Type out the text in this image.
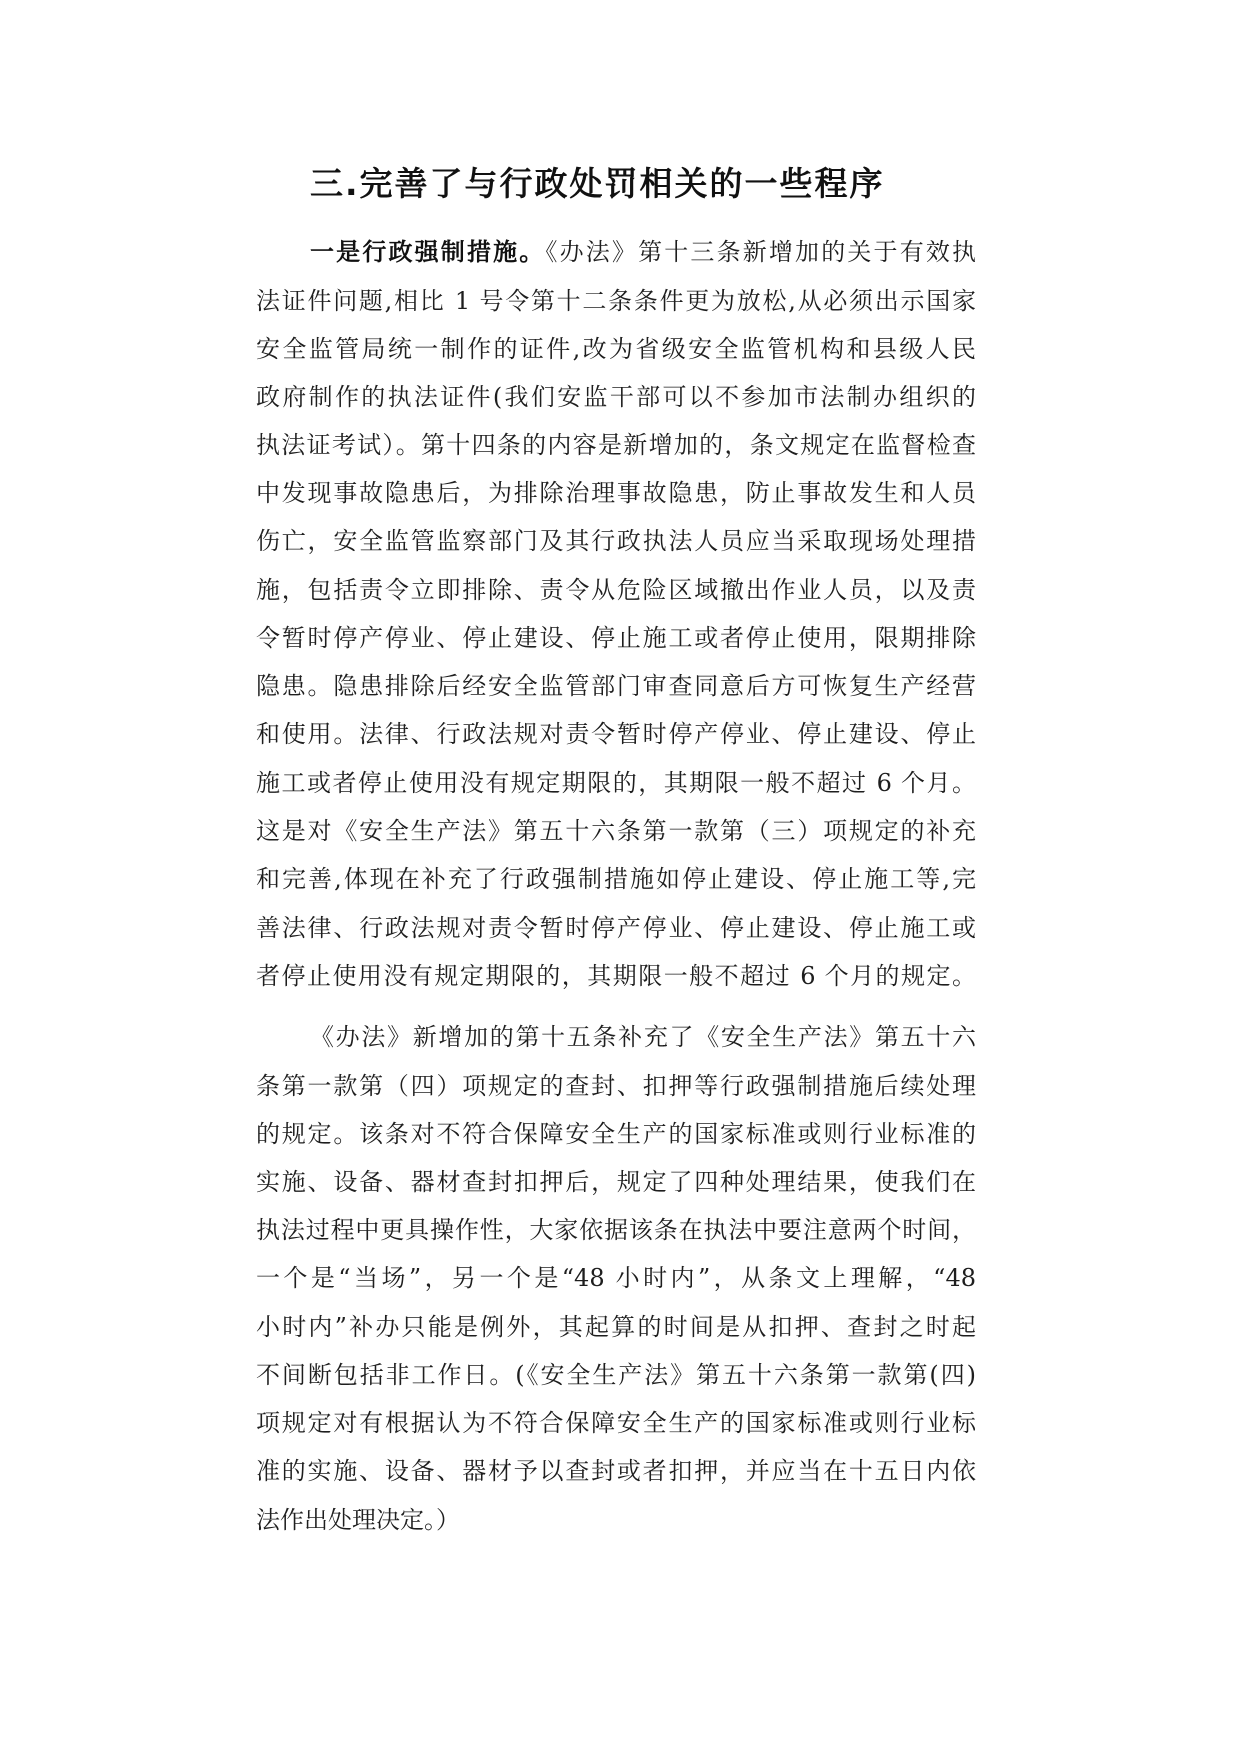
三.完善了与行政处罚相关的一些程序

一是行政强制措施。《办法》第十三条新增加的关于有效执

法证件问题,相比 1 号令第十二条条件更为放松,从必须出示国家

安全监管局统一制作的证件,改为省级安全监管机构和县级人民

政府制作的执法证件(我们安监干部可以不参加市法制办组织的

执法证考试）。第十四条的内容是新增加的，条文规定在监督检查

中发现事故隐患后，为排除治理事故隐患，防止事故发生和人员

伤亡，安全监管监察部门及其行政执法人员应当采取现场处理措

施，包括责令立即排除、责令从危险区域撤出作业人员，以及责

令暂时停产停业、停止建设、停止施工或者停止使用，限期排除

隐患。隐患排除后经安全监管部门审查同意后方可恢复生产经营

和使用。法律、行政法规对责令暂时停产停业、停止建设、停止

施工或者停止使用没有规定期限的，其期限一般不超过 6 个月。

这是对《安全生产法》第五十六条第一款第（三）项规定的补充

和完善,体现在补充了行政强制措施如停止建设、停止施工等,完

善法律、行政法规对责令暂时停产停业、停止建设、停止施工或

者停止使用没有规定期限的，其期限一般不超过 6 个月的规定。

《办法》新增加的第十五条补充了《安全生产法》第五十六

条第一款第（四）项规定的查封、扣押等行政强制措施后续处理

的规定。该条对不符合保障安全生产的国家标准或则行业标准的

实施、设备、器材查封扣押后，规定了四种处理结果，使我们在

执法过程中更具操作性，大家依据该条在执法中要注意两个时间，

一个是“当场”，另一个是“48 小时内”，从条文上理解，“48

小时内”补办只能是例外，其起算的时间是从扣押、查封之时起

不间断包括非工作日。(《安全生产法》第五十六条第一款第(四)

项规定对有根据认为不符合保障安全生产的国家标准或则行业标

准的实施、设备、器材予以查封或者扣押，并应当在十五日内依

法作出处理决定。）
